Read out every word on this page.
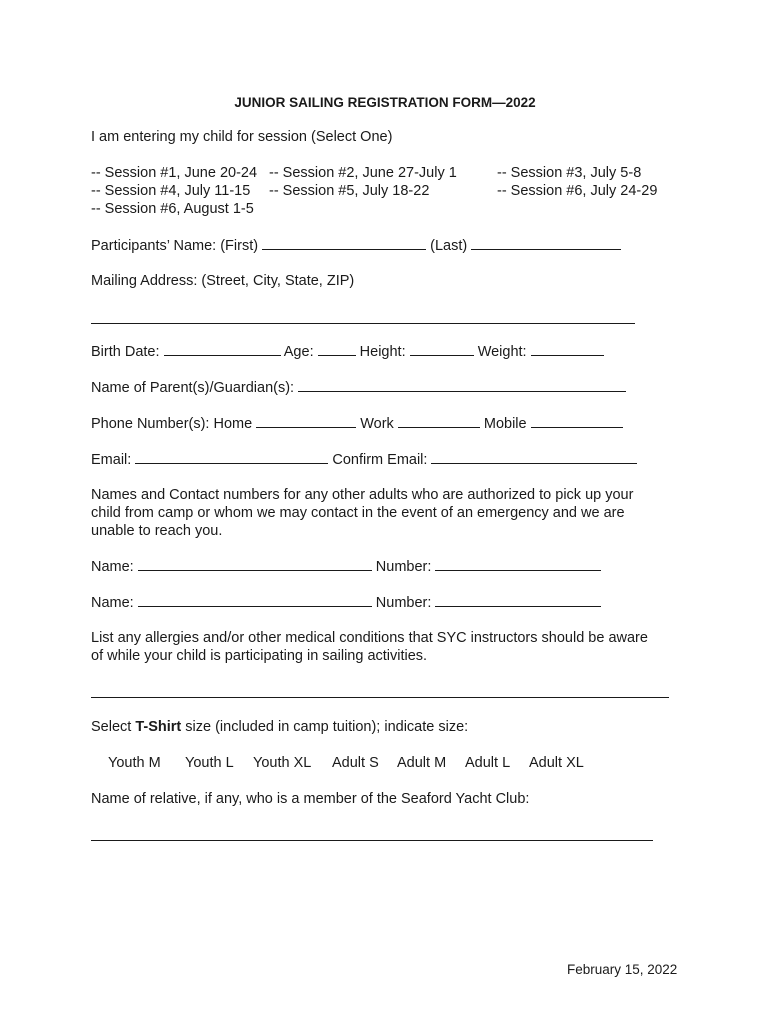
JUNIOR SAILING REGISTRATION FORM—2022
I am entering my child for session (Select One)
-- Session #1, June 20-24 -- Session #2, June 27-July 1	-- Session #3, July 5-8
-- Session #4, July 11-15 -- Session #5, July 18-22	-- Session #6, July 24-29
-- Session #6, August 1-5
Participants’ Name: (First)	(Last)
Mailing Address: (Street, City, State, ZIP)
Birth Date:	Age:	Height:	Weight:
Name of Parent(s)/Guardian(s):
Phone Number(s): Home	Work	Mobile
Email:	Confirm Email:
Names and Contact numbers for any other adults who are authorized to pick up your
child from camp or whom we may contact in the event of an emergency and we are
unable to reach you.
Name:	Number:
Name:	Number:
List any allergies and/or other medical conditions that SYC instructors should be aware
of while your child is participating in sailing activities.
Select T-Shirt size (included in camp tuition); indicate size:
Youth M Youth L Youth XL Adult S Adult M Adult L Adult XL
Name of relative, if any, who is a member of the Seaford Yacht Club:
February 15, 2022
